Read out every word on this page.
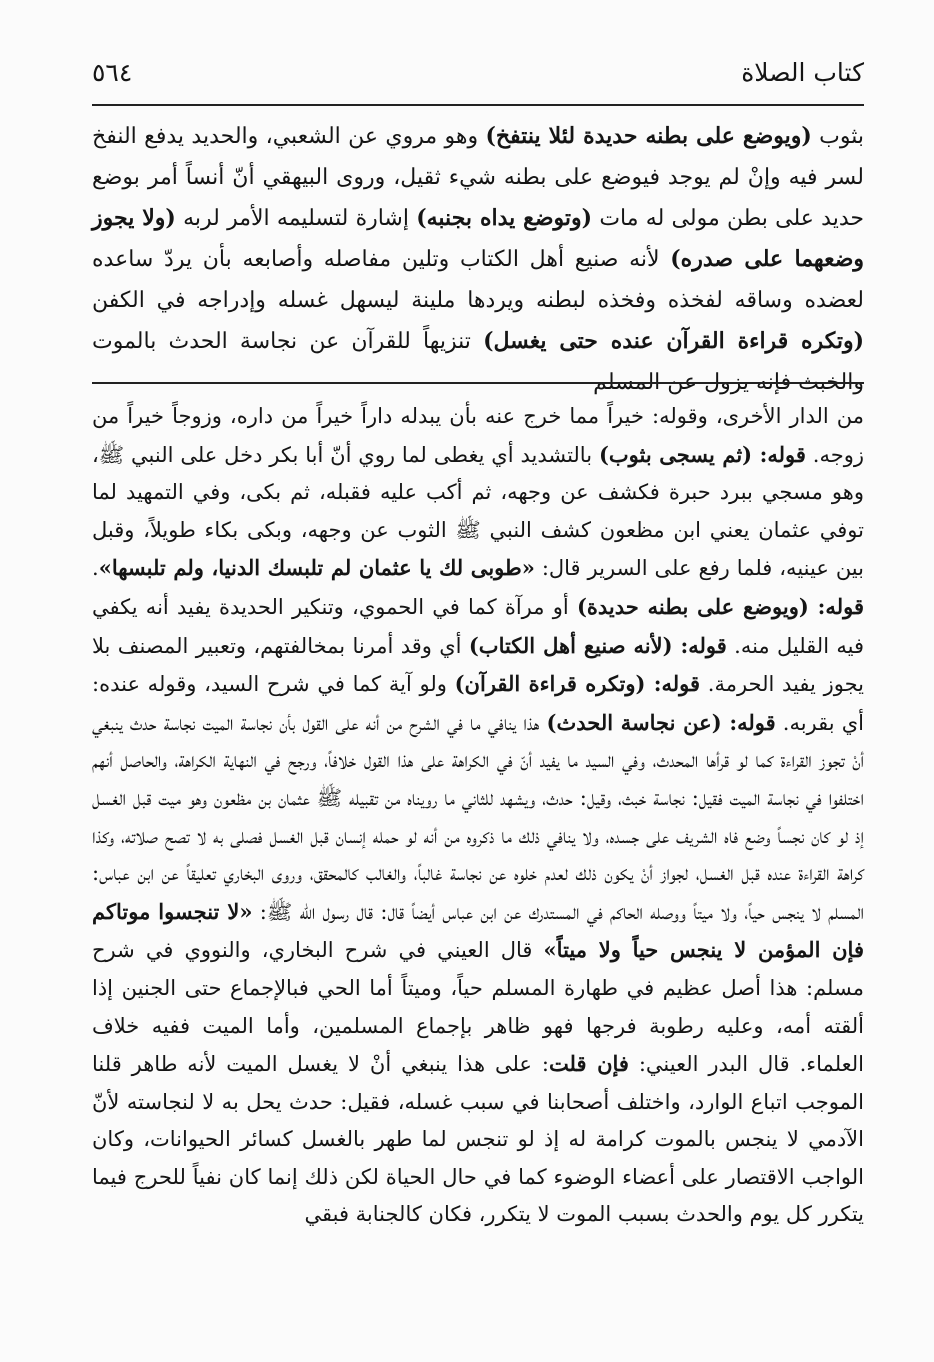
كتاب الصلاة
٥٦٤

بثوب (ويوضع على بطنه حديدة لئلا ينتفخ) وهو مروي عن الشعبي، والحديد يدفع النفخ لسر فيه وإنْ لم يوجد فيوضع على بطنه شيء ثقيل، وروى البيهقي أنّ أنساً أمر بوضع حديد على بطن مولى له مات (وتوضع يداه بجنبه) إشارة لتسليمه الأمر لربه (ولا يجوز وضعهما على صدره) لأنه صنيع أهل الكتاب وتلين مفاصله وأصابعه بأن يردّ ساعده لعضده وساقه لفخذه وفخذه لبطنه ويردها ملينة ليسهل غسله وإدراجه في الكفن (وتكره قراءة القرآن عنده حتى يغسل) تنزيهاً للقرآن عن نجاسة الحدث بالموت والخبث فإنه يزول عن المسلم

من الدار الأخرى، وقوله: خيراً مما خرج عنه بأن يبدله داراً خيراً من داره، وزوجاً خيراً من زوجه. قوله: (ثم يسجى بثوب) بالتشديد أي يغطى لما روي أنّ أبا بكر دخل على النبي ﷺ، وهو مسجي ببرد حبرة فكشف عن وجهه، ثم أكب عليه فقبله، ثم بكى، وفي التمهيد لما توفي عثمان يعني ابن مظعون كشف النبي ﷺ الثوب عن وجهه، وبكى بكاء طويلاً، وقبل بين عينيه، فلما رفع على السرير قال: «طوبى لك يا عثمان لم تلبسك الدنيا، ولم تلبسها». قوله: (ويوضع على بطنه حديدة) أو مرآة كما في الحموي، وتنكير الحديدة يفيد أنه يكفي فيه القليل منه. قوله: (لأنه صنيع أهل الكتاب) أي وقد أمرنا بمخالفتهم، وتعبير المصنف بلا يجوز يفيد الحرمة. قوله: (وتكره قراءة القرآن) ولو آية كما في شرح السيد، وقوله عنده: أي بقربه. قوله: (عن نجاسة الحدث) هذا ينافي ما في الشرح من أنه على القول بأن نجاسة الميت نجاسة حدث ينبغي أنْ تجوز القراءة كما لو قرأها المحدث، وفي السيد ما يفيد أنّ في الكراهة على هذا القول خلافاً، ورجح في النهاية الكراهة، والحاصل أنهم اختلفوا في نجاسة الميت فقيل: نجاسة خبث، وقيل: حدث، ويشهد للثاني ما رويناه من تقبيله ﷺ عثمان بن مظعون وهو ميت قبل الغسل إذ لو كان نجساً وضع فاه الشريف على جسده، ولا ينافي ذلك ما ذكروه من أنه لو حمله إنسان قبل الغسل فصلى به لا تصح صلاته، وكذا كراهة القراءة عنده قبل الغسل، لجواز أنْ يكون ذلك لعدم خلوه عن نجاسة غالباً، والغالب كالمحقق، وروى البخاري تعليقاً عن ابن عباس: المسلم لا ينجس حياً، ولا ميتاً ووصله الحاكم في المستدرك عن ابن عباس أيضاً قال: قال رسول الله ﷺ: «لا تنجسوا موتاكم فإن المؤمن لا ينجس حياً ولا ميتاً» قال العيني في شرح البخاري، والنووي في شرح مسلم: هذا أصل عظيم في طهارة المسلم حياً، وميتاً أما الحي فبالإجماع حتى الجنين إذا ألقته أمه، وعليه رطوبة فرجها فهو ظاهر بإجماع المسلمين، وأما الميت ففيه خلاف العلماء. قال البدر العيني: فإن قلت: على هذا ينبغي أنْ لا يغسل الميت لأنه طاهر قلنا الموجب اتباع الوارد، واختلف أصحابنا في سبب غسله، فقيل: حدث يحل به لا لنجاسته لأنّ الآدمي لا ينجس بالموت كرامة له إذ لو تنجس لما طهر بالغسل كسائر الحيوانات، وكان الواجب الاقتصار على أعضاء الوضوء كما في حال الحياة لكن ذلك إنما كان نفياً للحرج فيما يتكرر كل يوم والحدث بسبب الموت لا يتكرر، فكان كالجنابة فبقي
